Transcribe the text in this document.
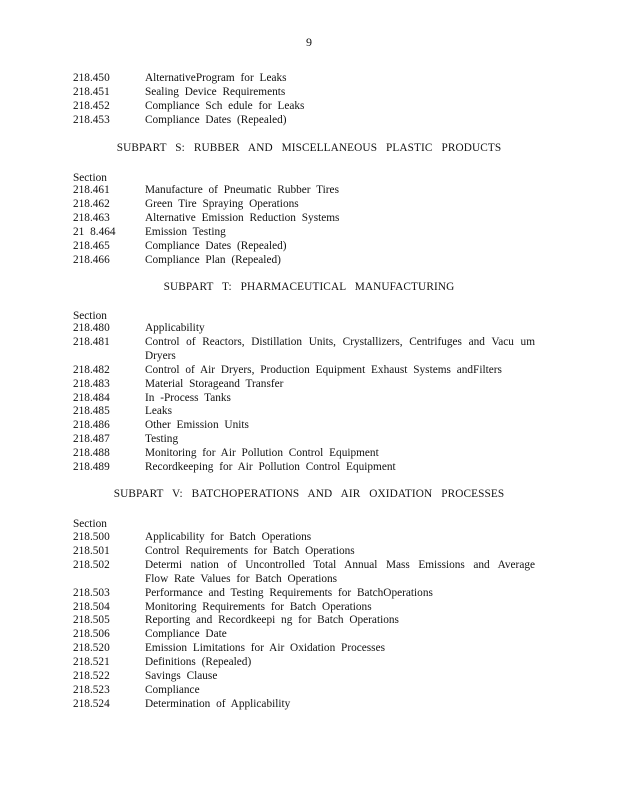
9
218.450	AlternativeProgram for Leaks
218.451	Sealing Device Requirements
218.452	Compliance Sch edule for Leaks
218.453	Compliance Dates (Repealed)
SUBPART S: RUBBER AND MISCELLANEOUS PLASTIC PRODUCTS
Section
218.461	Manufacture of Pneumatic Rubber Tires
218.462	Green Tire Spraying Operations
218.463	Alternative Emission Reduction Systems
21 8.464	Emission Testing
218.465	Compliance Dates (Repealed)
218.466	Compliance Plan (Repealed)
SUBPART T: PHARMACEUTICAL MANUFACTURING
Section
218.480	Applicability
218.481	Control of Reactors, Distillation Units, Crystallizers, Centrifuges and Vacu um Dryers
218.482	Control of Air Dryers, Production Equipment Exhaust Systems andFilters
218.483	Material Storageand Transfer
218.484	In -Process Tanks
218.485	Leaks
218.486	Other Emission Units
218.487	Testing
218.488	Monitoring for Air Pollution Control Equipment
218.489	Recordkeeping for Air Pollution Control Equipment
SUBPART V: BATCHOPERATIONS AND AIR OXIDATION PROCESSES
Section
218.500	Applicability for Batch Operations
218.501	Control Requirements for Batch Operations
218.502	Determi nation of Uncontrolled Total Annual Mass Emissions and Average Flow Rate Values for Batch Operations
218.503	Performance and Testing Requirements for BatchOperations
218.504	Monitoring Requirements for Batch Operations
218.505	Reporting and Recordkeepi ng for Batch Operations
218.506	Compliance Date
218.520	Emission Limitations for Air Oxidation Processes
218.521	Definitions (Repealed)
218.522	Savings Clause
218.523	Compliance
218.524	Determination of Applicability
